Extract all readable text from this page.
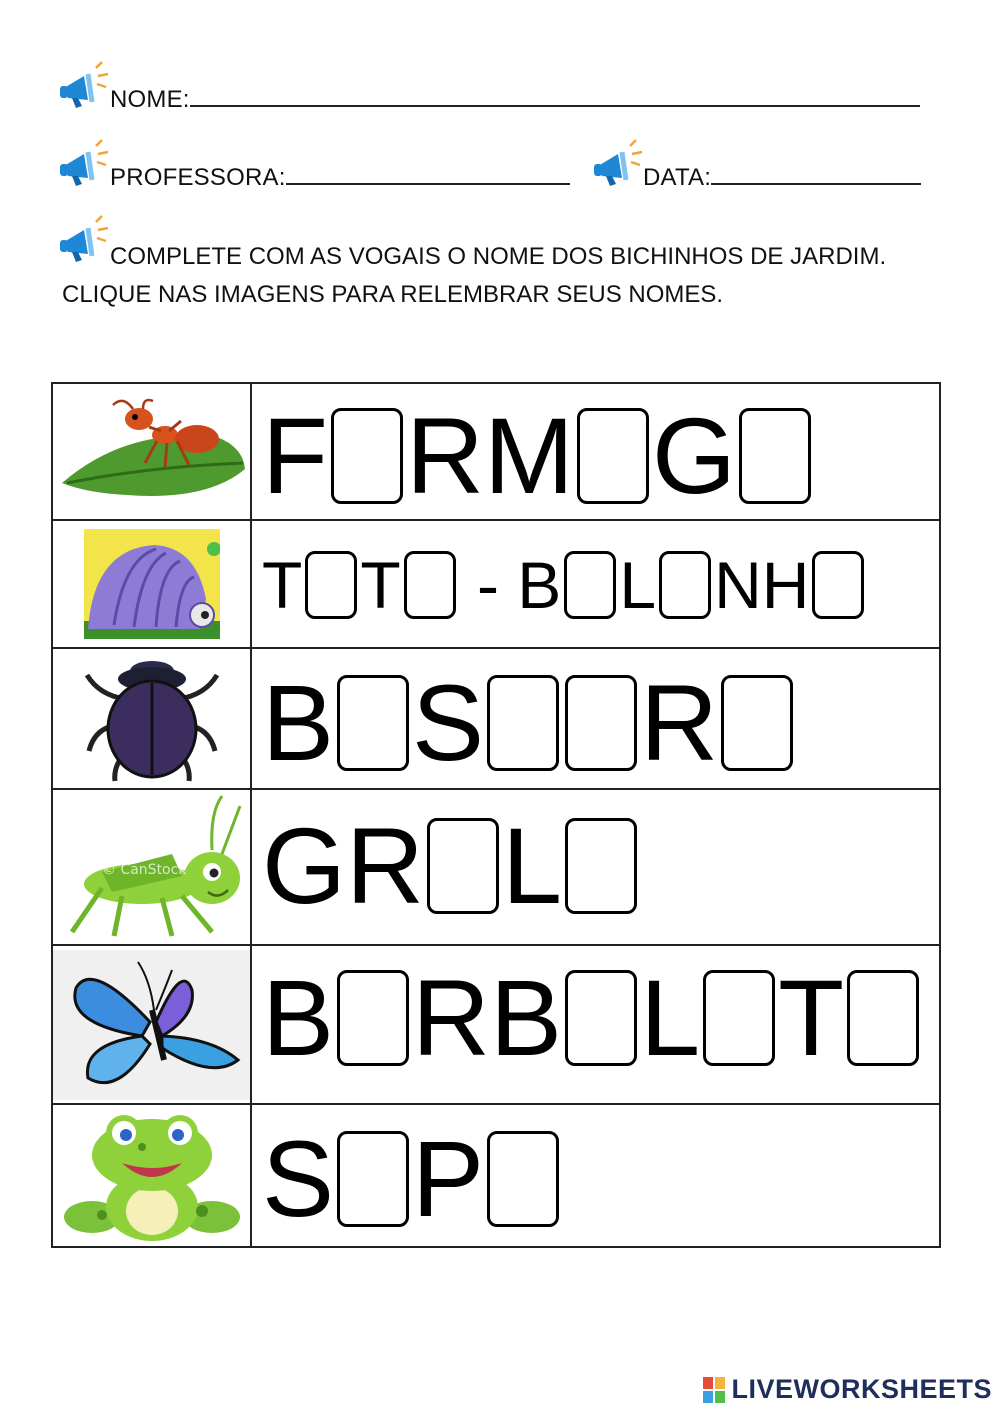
NOME:
PROFESSORA:	DATA:
COMPLETE COM AS VOGAIS O NOME DOS BICHINHOS DE JARDIM. CLIQUE NAS IMAGENS PARA RELEMBRAR SEUS NOMES.

F RM G

T T - B L NH

B S R

© CanStock	GR L

B RB L T

S P
LIVEWORKSHEETS
